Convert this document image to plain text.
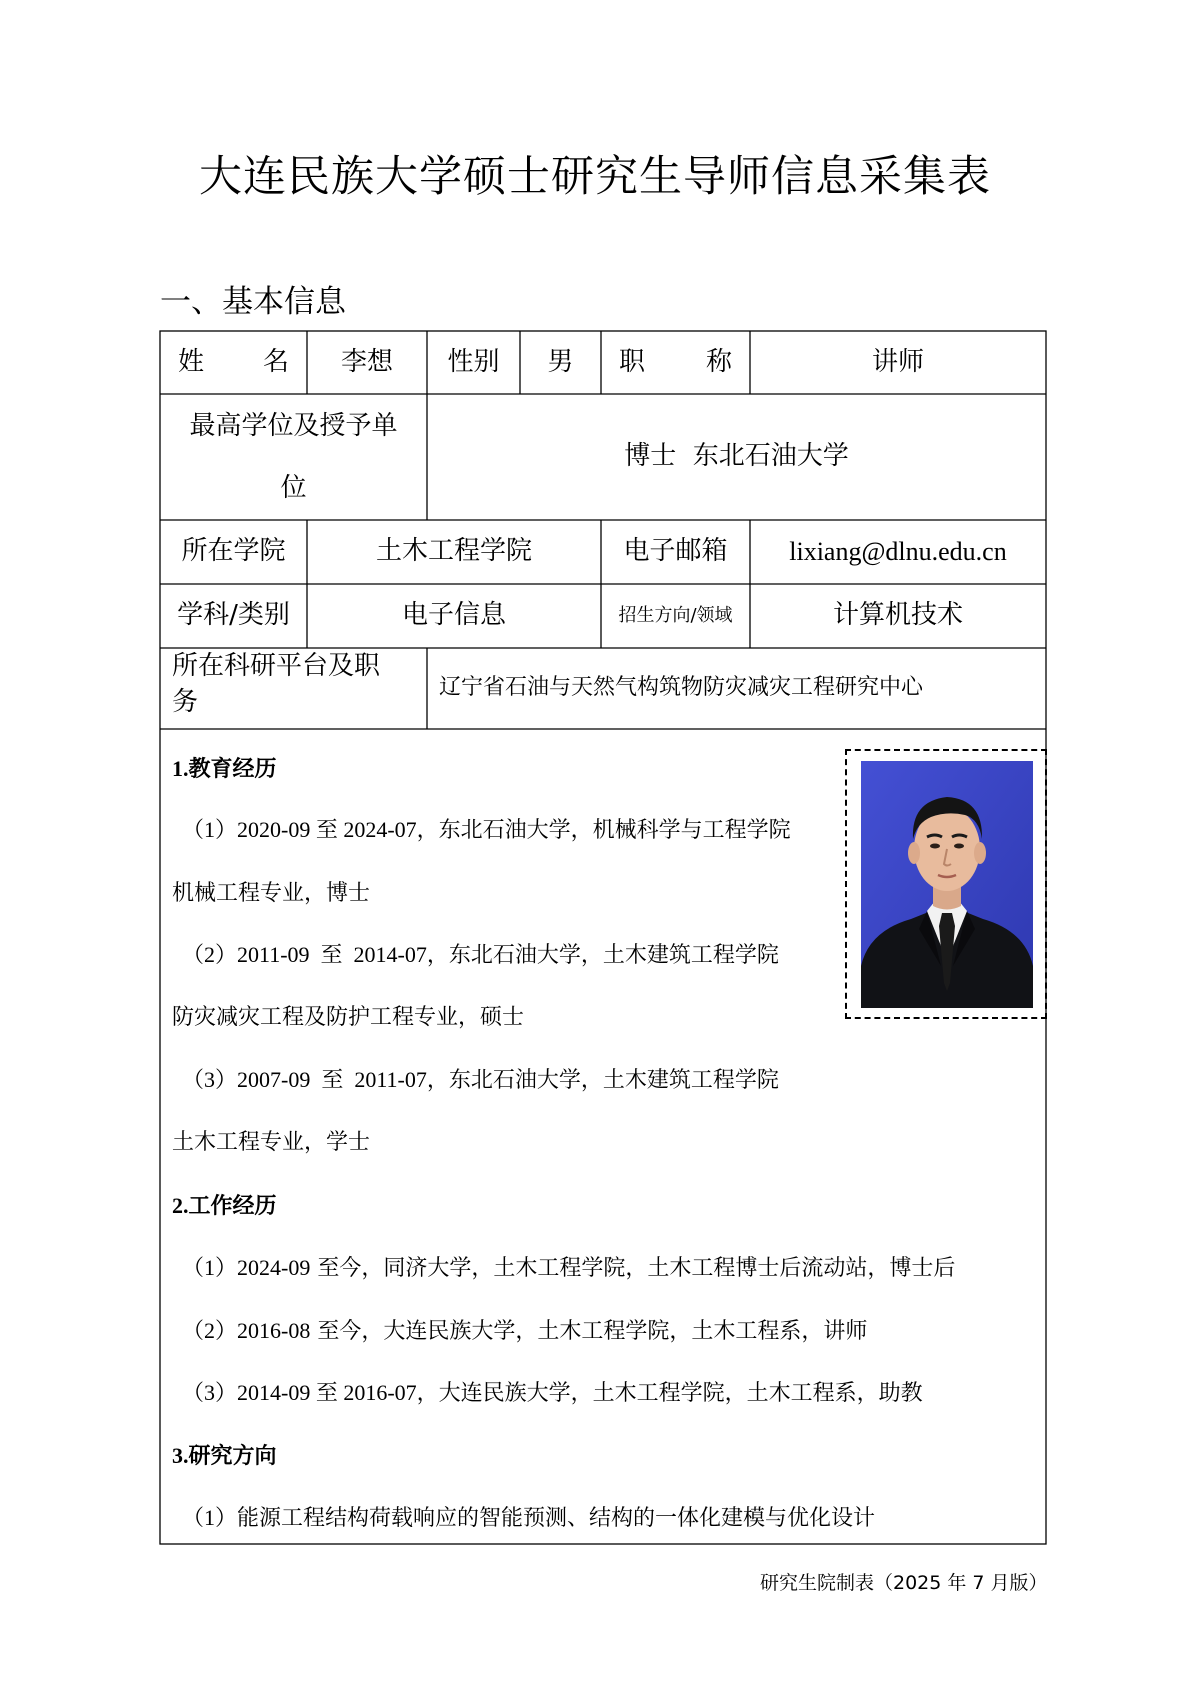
大连民族大学硕士研究生导师信息采集表
一、基本信息
姓 名	李想	性别	男	职 称	讲师
最高学位及授予单
位
博士  东北石油大学
所在学院	土木工程学院	电子邮箱	lixiang@dlnu.edu.cn
学科/类别	电子信息	招生方向/领域	计算机技术
所在科研平台及职
务	辽宁省石油与天然气构筑物防灾减灾工程研究中心
1.教育经历
（1）2020-09 至 2024-07，东北石油大学，机械科学与工程学院
机械工程专业，博士
（2）2011-09  至  2014-07，东北石油大学，土木建筑工程学院
防灾减灾工程及防护工程专业，硕士
（3）2007-09  至  2011-07，东北石油大学，土木建筑工程学院
土木工程专业，学士
2.工作经历
（1）2024-09 至今，同济大学，土木工程学院，土木工程博士后流动站，博士后
（2）2016-08 至今，大连民族大学，土木工程学院，土木工程系，讲师
（3）2014-09 至 2016-07，大连民族大学，土木工程学院，土木工程系，助教
3.研究方向
（1）能源工程结构荷载响应的智能预测、结构的一体化建模与优化设计
研究生院制表（2025 年 7 月版）
